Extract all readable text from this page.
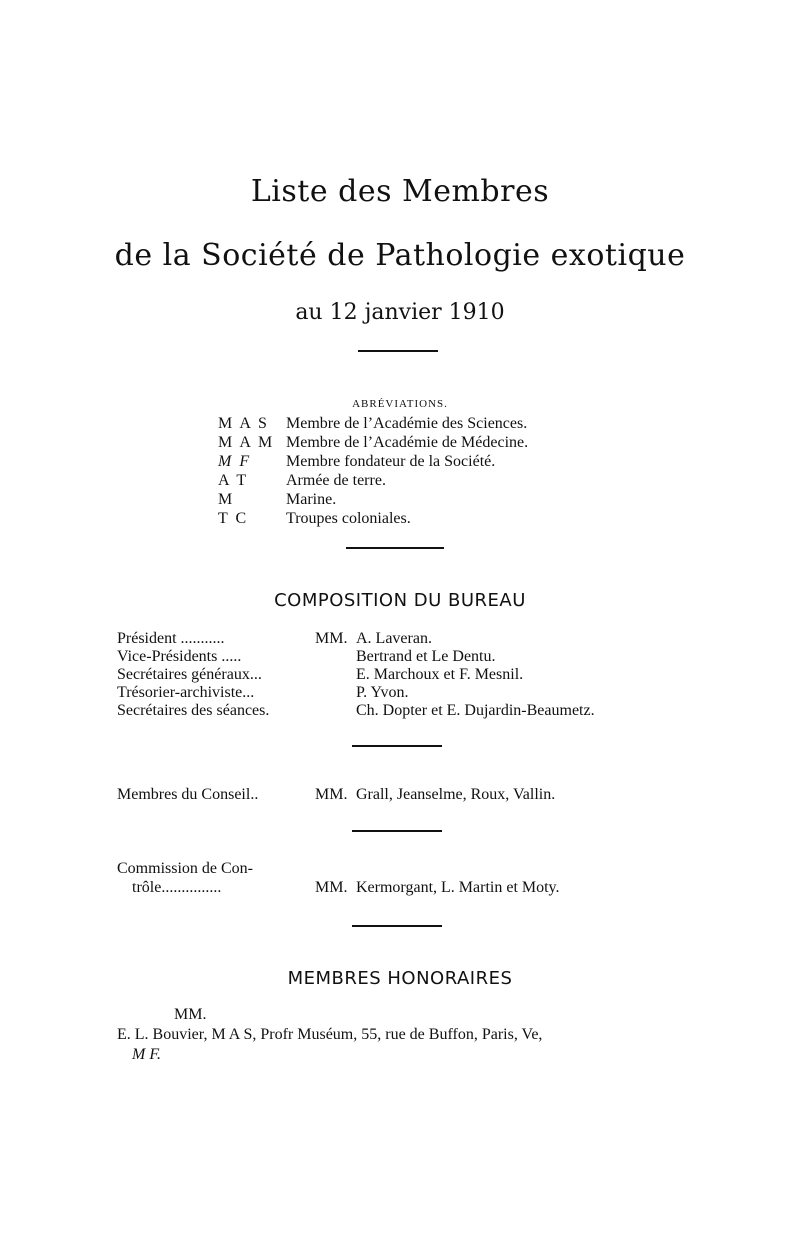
Liste des Membres
de la Société de Pathologie exotique
au 12 janvier 1910
ABRÉVIATIONS.
M A S Membre de l’Académie des Sciences.
M A M Membre de l’Académie de Médecine.
M F Membre fondateur de la Société.
A T Armée de terre.
M	Marine.
T C Troupes coloniales.
COMPOSITION DU BUREAU
MM.
Président ...........	A. Laveran.
Vice-Présidents .....	Bertrand et Le Dentu.
Secrétaires généraux...	E. Marchoux et F. Mesnil.
Trésorier-archiviste...	P. Yvon.
Secrétaires des séances.	Ch. Dopter et E. Dujardin-Beaumetz.
Membres du Conseil..	MM. Grall, Jeanselme, Roux, Vallin.
Commission de Con-
trôle...............	MM. Kermorgant, L. Martin et Moty.
MEMBRES HONORAIRES
MM.
E. L. Bouvier, M A S, Profr Muséum, 55, rue de Buffon, Paris, Ve,
M F.
